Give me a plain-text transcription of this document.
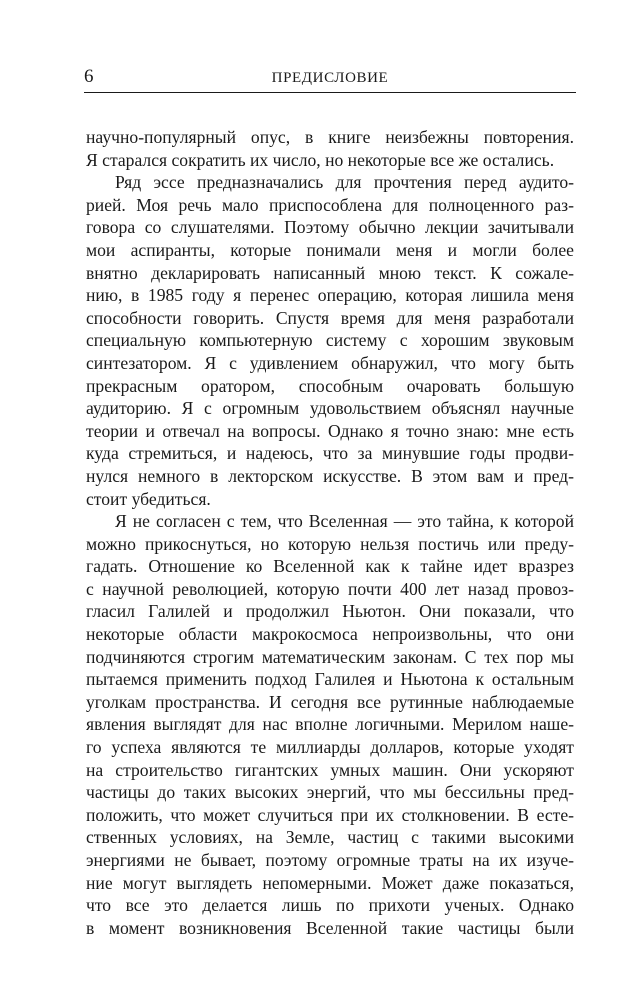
6	ПРЕДИСЛОВИЕ
научно-популярный опус, в книге неизбежны повторения.
Я старался сократить их число, но некоторые все же остались.
Ряд эссе предназначались для прочтения перед аудито-
рией. Моя речь мало приспособлена для полноценного раз-
говора со слушателями. Поэтому обычно лекции зачитывали
мои аспиранты, которые понимали меня и могли более
внятно декларировать написанный мною текст. К сожале-
нию, в 1985 году я перенес операцию, которая лишила меня
способности говорить. Спустя время для меня разработали
специальную компьютерную систему с хорошим звуковым
синтезатором. Я с удивлением обнаружил, что могу быть
прекрасным оратором, способным очаровать большую
аудиторию. Я с огромным удовольствием объяснял научные
теории и отвечал на вопросы. Однако я точно знаю: мне есть
куда стремиться, и надеюсь, что за минувшие годы продви-
нулся немного в лекторском искусстве. В этом вам и пред-
стоит убедиться.
Я не согласен с тем, что Вселенная — это тайна, к которой
можно прикоснуться, но которую нельзя постичь или преду-
гадать. Отношение ко Вселенной как к тайне идет вразрез
с научной революцией, которую почти 400 лет назад провоз-
гласил Галилей и продолжил Ньютон. Они показали, что
некоторые области макрокосмоса непроизвольны, что они
подчиняются строгим математическим законам. С тех пор мы
пытаемся применить подход Галилея и Ньютона к остальным
уголкам пространства. И сегодня все рутинные наблюдаемые
явления выглядят для нас вполне логичными. Мерилом наше-
го успеха являются те миллиарды долларов, которые уходят
на строительство гигантских умных машин. Они ускоряют
частицы до таких высоких энергий, что мы бессильны пред-
положить, что может случиться при их столкновении. В есте-
ственных условиях, на Земле, частиц с такими высокими
энергиями не бывает, поэтому огромные траты на их изуче-
ние могут выглядеть непомерными. Может даже показаться,
что все это делается лишь по прихоти ученых. Однако
в момент возникновения Вселенной такие частицы были
